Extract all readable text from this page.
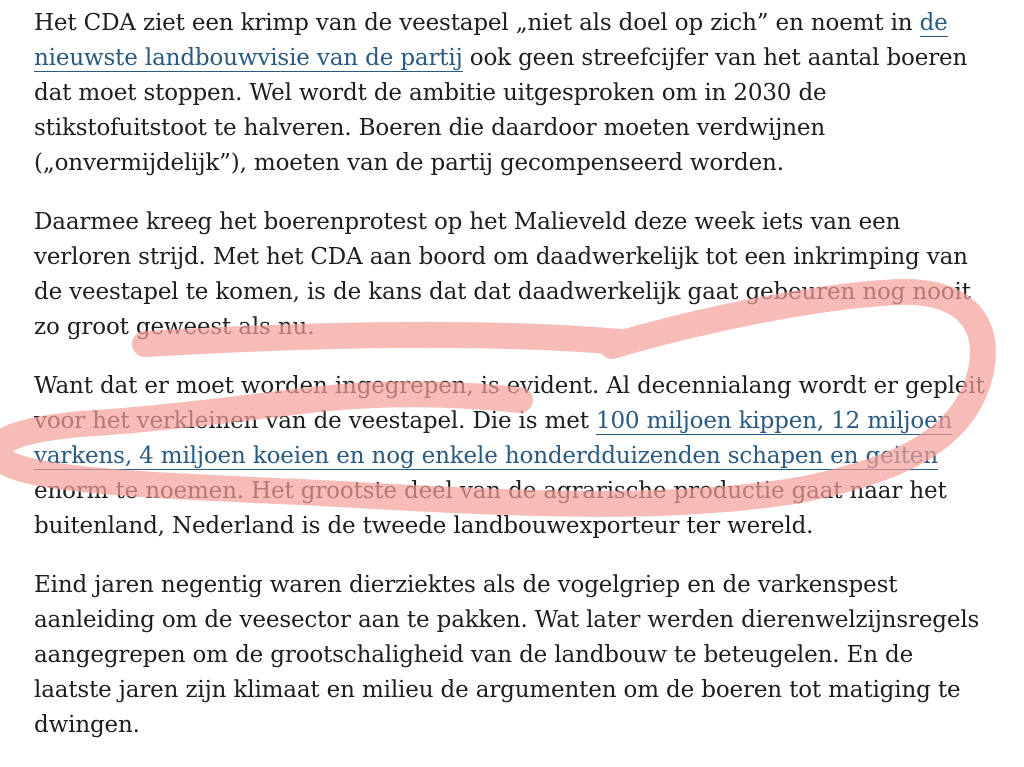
Het CDA ziet een krimp van de veestapel „niet als doel op zich” en noemt in de nieuwste landbouwvisie van de partij ook geen streefcijfer van het aantal boeren dat moet stoppen. Wel wordt de ambitie uitgesproken om in 2030 de stikstofuitstoot te halveren. Boeren die daardoor moeten verdwijnen („onvermijdelijk”), moeten van de partij gecompenseerd worden.

Daarmee kreeg het boerenprotest op het Malieveld deze week iets van een verloren strijd. Met het CDA aan boord om daadwerkelijk tot een inkrimping van de veestapel te komen, is de kans dat dat daadwerkelijk gaat gebeuren nog nooit zo groot geweest als nu.

Want dat er moet worden ingegrepen, is evident. Al decennialang wordt er gepleit voor het verkleinen van de veestapel. Die is met 100 miljoen kippen, 12 miljoen varkens, 4 miljoen koeien en nog enkele honderdduizenden schapen en geiten enorm te noemen. Het grootste deel van de agrarische productie gaat naar het buitenland, Nederland is de tweede landbouwexporteur ter wereld.

Eind jaren negentig waren dierziektes als de vogelgriep en de varkenspest aanleiding om de veesector aan te pakken. Wat later werden dierenwelzijnsregels aangegrepen om de grootschaligheid van de landbouw te beteugelen. En de laatste jaren zijn klimaat en milieu de argumenten om de boeren tot matiging te dwingen.
